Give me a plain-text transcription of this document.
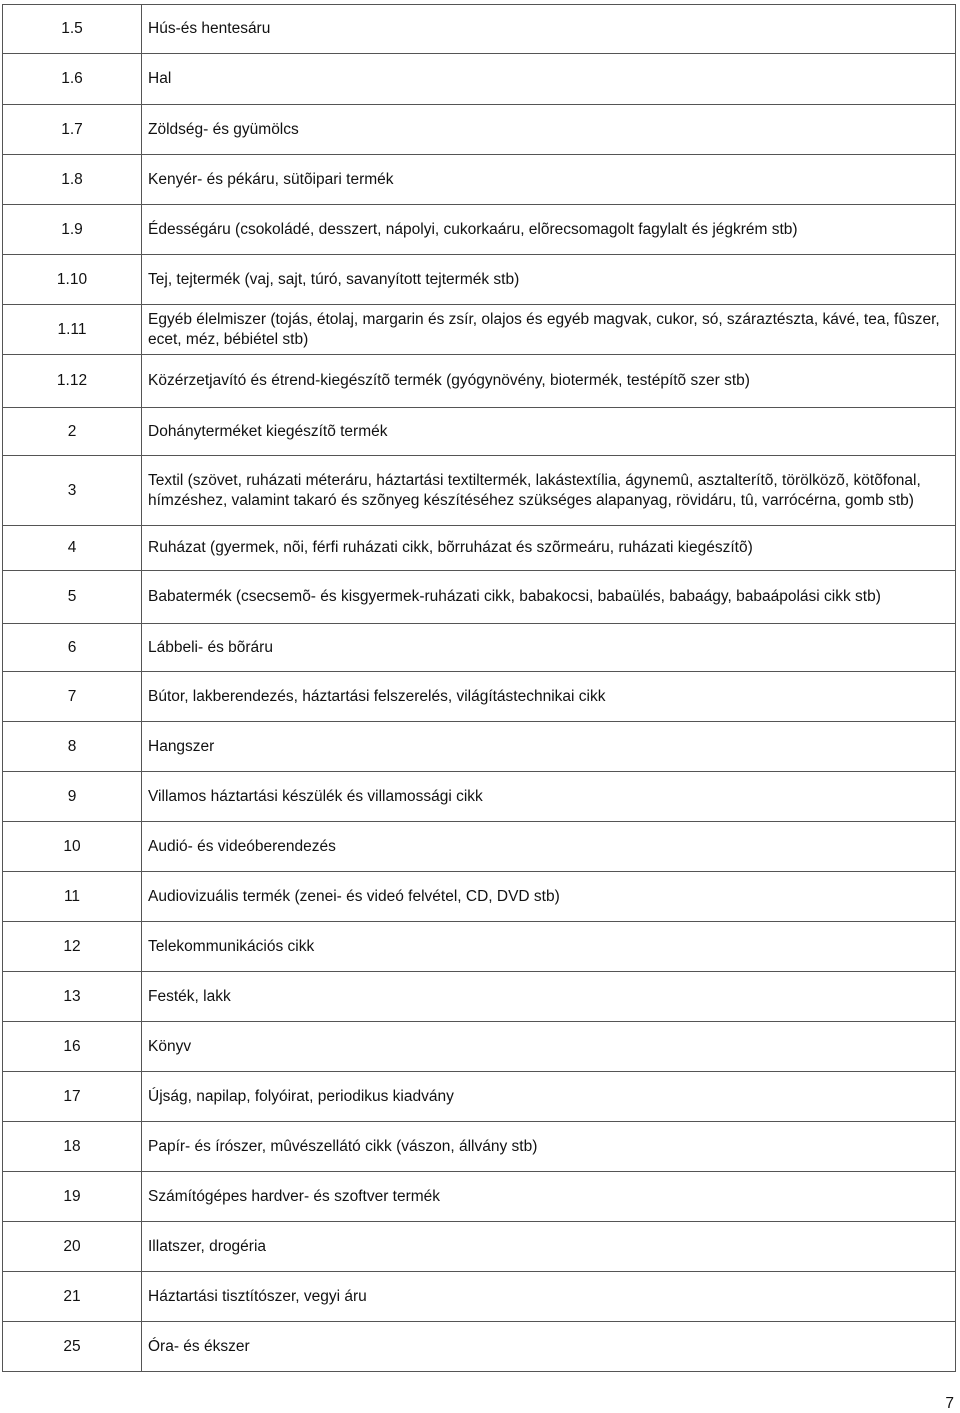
1.5	Hús-és hentesáru
1.6	Hal
1.7	Zöldség- és gyümölcs
1.8	Kenyér- és pékáru, sütõipari termék
1.9	Édességáru (csokoládé, desszert, nápolyi, cukorkaáru, elõrecsomagolt fagylalt és jégkrém stb)
1.10	Tej, tejtermék (vaj, sajt, túró, savanyított tejtermék stb)
1.11	Egyéb élelmiszer (tojás, étolaj, margarin és zsír, olajos és egyéb magvak, cukor, só, száraztészta, kávé, tea, fûszer, ecet, méz, bébiétel stb)
1.12	Közérzetjavító és étrend-kiegészítõ termék (gyógynövény, biotermék, testépítõ szer stb)
2	Dohányterméket kiegészítõ termék
3	Textil (szövet, ruházati méteráru, háztartási textiltermék, lakástextília, ágynemû, asztalterítõ, törölközõ, kötõfonal, hímzéshez, valamint takaró és szõnyeg készítéséhez szükséges alapanyag, rövidáru, tû, varrócérna, gomb stb)
4	Ruházat (gyermek, nõi, férfi ruházati cikk, bõrruházat és szõrmeáru, ruházati kiegészítõ)
5	Babatermék (csecsemõ- és kisgyermek-ruházati cikk, babakocsi, babaülés, babaágy, babaápolási cikk stb)
6	Lábbeli- és bõráru
7	Bútor, lakberendezés, háztartási felszerelés, világítástechnikai cikk
8	Hangszer
9	Villamos háztartási készülék és villamossági cikk
10	Audió- és videóberendezés
11	Audiovizuális termék (zenei- és videó felvétel, CD, DVD stb)
12	Telekommunikációs cikk
13	Festék, lakk
16	Könyv
17	Újság, napilap, folyóirat, periodikus kiadvány
18	Papír- és írószer, mûvészellátó cikk (vászon, állvány stb)
19	Számítógépes hardver- és szoftver termék
20	Illatszer, drogéria
21	Háztartási tisztítószer, vegyi áru
25	Óra- és ékszer
7
